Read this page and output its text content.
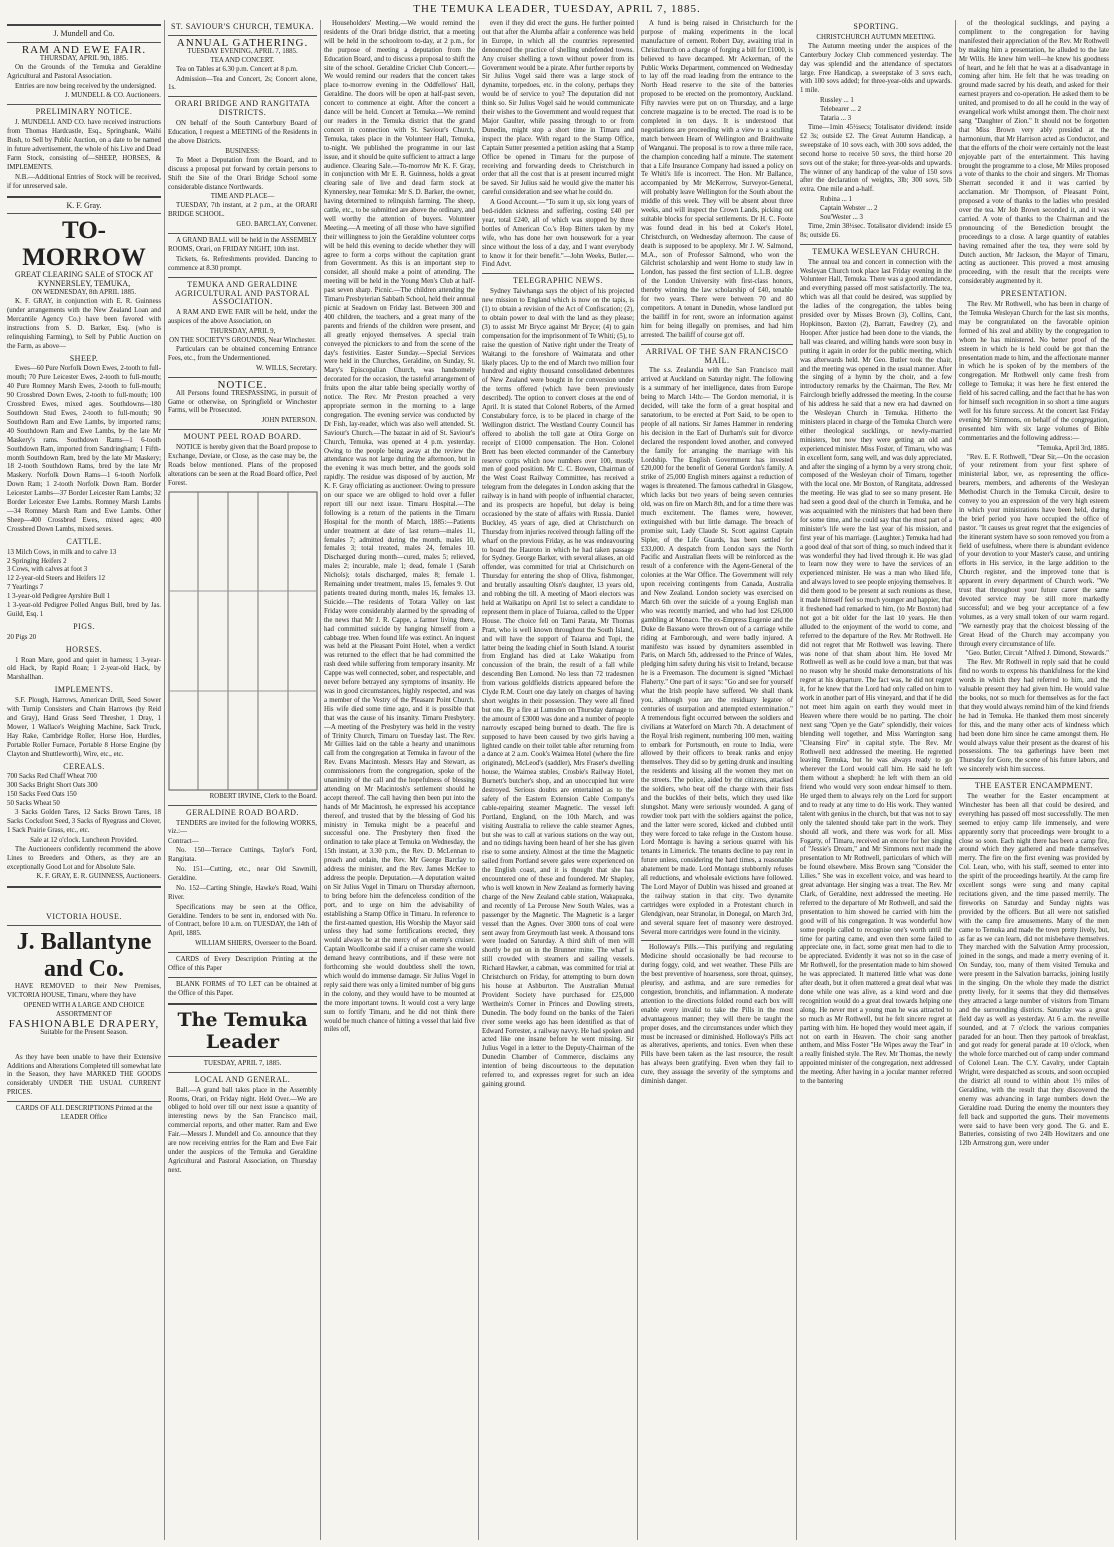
THE TEMUKA LEADER, TUESDAY, APRIL 7, 1885.
J. Mundell and Co.
RAM AND EWE FAIR.
THURSDAY, APRIL 9th, 1885.

On the Grounds of the Temuka and Geraldine Agricultural and Pastoral Association.

Entries are now being received by the undersigned.

J. MUNDELL & CO. Auctioneers.
PRELIMINARY NOTICE.

J. MUNDELL AND CO. have received instructions from Thomas Hardcastle, Esq., Springbank, Waihi Bush, to Sell by Public Auction, on a date to be named in future advertisement, the whole of his Live and Dead Farm Stock, consisting of—SHEEP, HORSES, & IMPLEMENTS.

N.B.—Additional Entries of Stock will be received, if for unreserved sale.

K. F. Gray.
TO-MORROW
GREAT CLEARING SALE of STOCK AT KYNNERSLEY, TEMUKA,
ON WEDNESDAY, 8th APRIL 1885.

K. F. GRAY, in conjunction with E. R. Guinness (under arrangements with the New Zealand Loan and Mercantile Agency Co.) have been favored with instructions from S. D. Barker, Esq. (who is relinquishing Farming), to Sell by Public Auction on the Farm, as above—

SHEEP.

Ewes—60 Pure Norfolk Down Ewes, 2-tooth to full-mouth; 70 Pure Leicester Ewes, 2-tooth to full-mouth; 40 Pure Romney Marsh Ewes, 2-tooth to full-mouth; 90 Crossbred Down Ewes, 2-tooth to full-mouth; 100 Crossbred Ewes, mixed ages. Southdowns—180 Southdown Stud Ewes, 2-tooth to full-mouth; 90 Southdown Ram and Ewe Lambs, by imported rams; 40 Southdown Ram and Ewe Lambs, by the late Mr Maskery's rams. Southdown Rams—1 6-tooth Southdown Ram, imported from Sandringham; 1 Fifth-month Southdown Ram, bred by the late Mr Maskery; 18 2-tooth Southdown Rams, bred by the late Mr Maskery. Norfolk Down Rams—1 6-tooth Norfolk Down Ram; 1 2-tooth Norfolk Down Ram. Border Leicester Lambs—37 Border Leicester Ram Lambs; 32 Border Leicester Ewe Lambs. Romney Marsh Lambs—34 Romney Marsh Ram and Ewe Lambs. Other Sheep—400 Crossbred Ewes, mixed ages; 400 Crossbred Down Lambs, mixed sexes.

CATTLE.
13 Milch Cows, in milk and to calve 13
2 Springing Heifers 2
3 Cows, with calves at foot 3
12 2-year-old Steers and Heifers 12
7 Yearlings 7
1 3-year-old Pedigree Ayrshire Bull 1
1 3-year-old Pedigree Polled Angus Bull, bred by Jas. Guild, Esq. 1
PIGS.
20 Pigs 20
HORSES.

1 Roan Mare, good and quiet in harness; 1 3-year-old Hack, by Rapid Roan; 1 2-year-old Hack, by Marshallhan.

IMPLEMENTS.

S.F. Plough, Harrows, American Drill, Seed Sower with Turnip Consisters and Chain Harrows (by Reid and Gray), Hand Grass Seed Thresher, 1 Dray, 1 Mower, 1 Wallace's Weighing Machine, Sack Truck, Hay Rake, Cambridge Roller, Horse Hoe, Hurdles, Portable Roller Furnace, Portable 8 Horse Engine (by Clayton and Shuttleworth), Wire, etc., etc.

CEREALS.
700 Sacks Red Chaff Wheat 700
300 Sacks Bright Short Oats 300
150 Sacks Feed Oats 150
50 Sacks Wheat 50

3 Sacks Golden Tares, 12 Sacks Brown Tares, 18 Sacks Cocksfoot Seed, 3 Sacks of Ryegrass and Clover, 1 Sack Prairie Grass, etc., etc.

Sale at 12 o'clock. Luncheon Provided.

The Auctioneers confidently recommend the above Lines to Breeders and Others, as they are an exceptionally Good Lot and for Absolute Sale.

K. F. GRAY, E. R. GUINNESS, Auctioneers.
VICTORIA HOUSE.
J. Ballantyne and Co.

HAVE REMOVED to their New Premises, VICTORIA HOUSE, Timaru, where they have

OPENED WITH A LARGE AND CHOICE ASSORTMENT OF
FASHIONABLE DRAPERY,
Suitable for the Present Season.

As they have been unable to have their Extensive Additions and Alterations Completed till somewhat late in the Season, they have MARKED THE GOODS considerably UNDER THE USUAL CURRENT PRICES.

CARDS OF ALL DESCRIPTIONS Printed at the LEADER Office
ST. SAVIOUR'S CHURCH, TEMUKA.
ANNUAL GATHERING.
TUESDAY EVENING, APRIL 7, 1885.
TEA AND CONCERT.

Tea on Tables at 6.30 p.m. Concert at 8 p.m.

Admission—Tea and Concert, 2s; Concert alone, 1s.

ORARI BRIDGE AND RANGITATA DISTRICTS.

ON behalf of the South Canterbury Board of Education, I request a MEETING of the Residents in the above Districts.

BUSINESS:

To Meet a Deputation from the Board, and to discuss a proposal put forward by certain persons to Shift the Site of the Orari Bridge School some considerable distance Northwards.

TIME AND PLACE—

TUESDAY, 7th instant, at 2 p.m., at the ORARI BRIDGE SCHOOL.

GEO. BARCLAY, Convener.

A GRAND BALL will be held in the ASSEMBLY ROOMS, Orari, on FRIDAY NIGHT, 10th inst.

Tickets, 6s. Refreshments provided. Dancing to commence at 8.30 prompt.

TEMUKA AND GERALDINE AGRICULTURAL AND PASTORAL ASSOCIATION.

A RAM AND EWE FAIR will be held, under the auspices of the above Association, on

THURSDAY, APRIL 9,
ON THE SOCIETY'S GROUNDS, Near Winchester.

Particulars can be obtained concerning Entrance Fees, etc., from the Undermentioned.

W. WILLS, Secretary.
NOTICE.

All Persons found TRESPASSING, in pursuit of Game or otherwise, on Springfield or Winchester Farms, will be Prosecuted.

JOHN PATERSON.
MOUNT PEEL ROAD BOARD.

NOTICE is hereby given that the Board propose to Exchange, Deviate, or Close, as the case may be, the Roads below mentioned. Plans of the proposed alterations can be seen at the Road Board office, Peel Forest.

ROBERT IRVINE, Clerk to the Board.
GERALDINE ROAD BOARD.

TENDERS are invited for the following WORKS, viz.:—

Contract—

No. 150—Terrace Cuttings, Taylor's Ford, Rangitata.

No. 151—Cutting, etc., near Old Sawmill, Geraldine.

No. 152—Carting Shingle, Hawke's Road, Waihi River.

Specifications may be seen at the Office, Geraldine. Tenders to be sent in, endorsed with No. of Contract, before 10 a.m. on TUESDAY, the 14th of April, 1885.

WILLIAM SHIERS, Overseer to the Board.

CARDS of Every Description Printing at the Office of this Paper

BLANK FORMS of TO LET can be obtained at the Office of this Paper.

The Temuka Leader
TUESDAY, APRIL 7, 1885.
LOCAL AND GENERAL.

Ball.—A grand ball takes place in the Assembly Rooms, Orari, on Friday night. Held Over.—We are obliged to hold over till our next issue a quantity of interesting news by the San Francisco mail, commercial reports, and other matter. Ram and Ewe Fair.—Messrs J. Mundell and Co. announce that they are now receiving entries for the Ram and Ewe Fair under the auspices of the Temuka and Geraldine Agricultural and Pastoral Association, on Thursday next.

Householders' Meeting.—We would remind the residents of the Orari bridge district, that a meeting will be held in the schoolroom to-day, at 2 p.m., for the purpose of meeting a deputation from the Education Board, and to discuss a proposal to shift the site of the school. Geraldine Cricket Club Concert.—We would remind our readers that the concert takes place to-morrow evening in the Oddfellows' Hall, Geraldine. The doors will be open at half-past seven, concert to commence at eight. After the concert a dance will be held. Concert at Temuka.—We remind our readers in the Temuka district that the grand concert in connection with St. Saviour's Church, Temuka, takes place in the Volunteer Hall, Temuka, to-night. We published the programme in our last issue, and it should be quite sufficient to attract a large audience. Clearing Sale.—To-morrow Mr K. F. Gray, in conjunction with Mr E. R. Guinness, holds a great clearing sale of live and dead farm stock at Kynnersley, near Temuka: Mr S. D. Barker, the owner, having determined to relinquish farming. The sheep, cattle, etc., to be submitted are above the ordinary, and well worthy the attention of buyers. Volunteer Meeting.—A meeting of all those who have signified their willingness to join the Geraldine volunteer corps will be held this evening to decide whether they will agree to form a corps without the capitation grant from Government. As this is an important step to consider, all should make a point of attending. The meeting will be held in the Young Men's Club at half-past seven sharp. Picnic.—The children attending the Timaru Presbyterian Sabbath School, held their annual picnic at Seadown on Friday last. Between 300 and 400 children, the teachers, and a great many of the parents and friends of the children were present, and all greatly enjoyed themselves. A special train conveyed the picnickers to and from the scene of the day's festivities. Easter Sunday.—Special Services were held in the Churches, Geraldine, on Sunday, St. Mary's Episcopalian Church, was handsomely decorated for the occasion, the tasteful arrangement of fruits upon the altar table being specially worthy of notice. The Rev. Mr Preston preached a very appropriate sermon in the morning to a large congregation. The evening service was conducted by Dr Fish, lay-reader, which was also well attended. St. Saviour's Church.—The bazaar in aid of St. Saviour's Church, Temuka, was opened at 4 p.m. yesterday. Owing to the people being away at the review the attendance was not large during the afternoon, but in the evening it was much better, and the goods sold rapidly. The residue was disposed of by auction, Mr K. F. Gray officiating as auctioneer. Owing to pressure on our space we are obliged to hold over a fuller report till our next issue. Timaru Hospital.—The following is a return of the patients in the Timaru Hospital for the month of March, 1885:—Patients under treatment at date of last return—males 11, females 7; admitted during the month, males 10, females 3; total treated, males 24, females 10. Discharged during month—cured, males 5; relieved, males 2; incurable, male 1; dead, female 1 (Sarah Nichols); totals discharged, males 8; female 1. Remaining under treatment, males 15, females 9. Out patients treated during month, males 16, females 13. Suicide.—The residents of Totara Valley on last Friday were considerably alarmed by the spreading of the news that Mr J. R. Cappe, a farmer living there, had committed suicide by hanging himself from a cabbage tree. When found life was extinct. An inquest was held at the Pleasant Point Hotel, when a verdict was returned to the effect that he had committed the rash deed while suffering from temporary insanity. Mr Cappe was well connected, sober, and respectable, and never before betrayed any symptoms of insanity. He was in good circumstances, highly respected, and was a member of the Vestry of the Pleasant Point Church. His wife died some time ago, and it is possible that that was the cause of his insanity. Timaru Presbytery.—A meeting of the Presbytery was held in the vestry of Trinity Church, Timaru on Tuesday last. The Rev. Mr Gillies laid on the table a hearty and unanimous call from the congregation at Temuka in favour of the Rev. Evans Macintosh. Messrs Hay and Stewart, as commissioners from the congregation, spoke of the unanimity of the call and the hopefulness of blessing attending on Mr Macintosh's settlement should he accept thereof. The call having then been put into the hands of Mr Macintosh, he expressed his acceptance thereof, and trusted that by the blessing of God his ministry in Temuka might be a peaceful and successful one. The Presbytery then fixed the ordination to take place at Temuka on Wednesday, the 15th instant, at 3.30 p.m., the Rev. D. McLennan to preach and ordain, the Rev. Mr George Barclay to address the minister, and the Rev. James McKee to address the people. Deputation.—A deputation waited on Sir Julius Vogel in Timaru on Thursday afternoon, to bring before him the defenceless condition of the port, and to urge on him the advisability of establishing a Stamp Office in Timaru. In reference to the first-named question, His Worship the Mayor said unless they had some fortifications erected, they would always be at the mercy of an enemy's cruiser. Captain Woollcombe said if a cruiser came she would demand heavy contributions, and if these were not forthcoming she would doubtless shell the town, which would do immense damage. Sir Julius Vogel in reply said there was only a limited number of big guns in the colony, and they would have to be mounted at the more important towns. It would cost a very large sum to fortify Timaru, and he did not think there would be much chance of hitting a vessel that laid five miles off,

even if they did erect the guns. He further pointed out that after the Alumba affair a conference was held in Europe, in which all the countries represented denounced the practice of shelling undefended towns. Any cruiser shelling a town without power from its Government would be a pirate. After further reports by Sir Julius Vogel said there was a large stock of dynamite, torpedoes, etc. in the colony, perhaps they would be of service to you? The deputation did not think so. Sir Julius Vogel said he would communicate their wishes to the Government and would request that Major Gaulter, while passing through to or from Dunedin, might stop a short time in Timaru and inspect the place. With regard to the Stamp Office, Captain Sutter presented a petition asking that a Stamp Office be opened in Timaru for the purpose of receiving and forwarding deeds to Christchurch in order that all the cost that is at present incurred might be saved. Sir Julius said he would give the matter his careful consideration and see what he could do.

A Good Account.—"To sum it up, six long years of bed-ridden sickness and suffering, costing £40 per year, total £240, all of which was stopped by three bottles of American Co.'s Hop Bitters taken by my wife, who has done her own housework for a year since without the loss of a day, and I want everybody to know it for their benefit."—John Weeks, Butler.—Find Advt.

TELEGRAPHIC NEWS.

Sydney Taiwhanga says the object of his projected new mission to England which is now on the tapis, is (1) to obtain a revision of the Act of Confiscation; (2), to obtain power to deal with the land as they please; (3) to assist Mr Bryce against Mr Bryce; (4) to gain compensation for the imprisonment of Te Whiti; (5), to raise the question of Native right under the Treaty of Waitangi to the foreshore of Waimatata and other likely places. Up to the end of March two million four hundred and eighty thousand consolidated debentures of New Zealand were bought in for conversion under the terms offered (which have been previously described). The option to convert closes at the end of April. It is stated that Colonel Roberts, of the Armed Constabulary force, is to be placed in charge of the Wellington district. The Westland County Council has offered to abolish the toll gate at Otira Gorge on receipt of £1000 compensation. The Hon. Colonel Brett has been elected commander of the Canterbury reserve corps which now numbers over 100, mostly men of good position. Mr C. C. Bowen, Chairman of the West Coast Railway Committee, has received a telegram from the delegates in London asking that the railway is in hand with people of influential character, and its prospects are hopeful, but delay is being occasioned by the state of affairs with Russia. Daniel Buckley, 45 years of age, died at Christchurch on Thursday from injuries received through falling off the wharf on the previous Friday, as he was endeavouring to board the Hauroto in which he had taken passage for Sydney. George Barker, with several aliases, an old offender, was committed for trial at Christchurch on Thursday for entering the shop of Oliva, fishmonger, and brutally assaulting Olsn's daughter, 13 years old, and robbing the till. A meeting of Maori electors was held at Waikatipu on April 1st to select a candidate to represent them in place of Tuiaroa, called to the Upper House. The choice fell on Tami Parata, Mr Thomas Pratt, who is well known throughout the South Island, and will have the support of Taiaroa and Topi, the latter being the leading chief in South Island. A tourist from England has died at Lake Wakatipu from concussion of the brain, the result of a fall while descending Ben Lomond. No less than 72 tradesmen from various goldfields districts appeared before the Clyde R.M. Court one day lately on charges of having short weights in their possession. They were all fined but one. By a fire at Lumsden on Thursday damage to the amount of £3000 was done and a number of people narrowly escaped being burned to death. The fire is supposed to have been caused by two girls having a lighted candle on their toilet table after returning from a dance at 2 a.m. Cook's Waimea Hotel (where the fire originated), McLeod's (saddler), Mrs Fraser's dwelling house, the Waimea stables, Crosbie's Railway Hotel, Burnett's butcher's shop, and an unoccupied hut were destroyed. Serious doubts are entertained as to the safety of the Eastern Extension Cable Company's cable-repairing steamer Magnetic. The vessel left Portland, England, on the 10th March, and was visiting Australia to relieve the cable steamer Agnes, but she was to call at various stations on the way out, and no tidings having been heard of her she has given rise to some anxiety. Almost at the time the Magnetic sailed from Portland severe gales were experienced on the English coast, and it is thought that she has encountered one of these and foundered. Mr Shapley, who is well known in New Zealand as formerly having charge of the New Zealand cable station, Wakapuaka, and recently of La Perouse New South Wales, was a passenger by the Magnetic. The Magnetic is a larger vessel than the Agnes. Over 3000 tons of coal were sent away from Greymouth last week. A thousand tons were loaded on Saturday. A third shift of men will shortly be put on in the Brunner mine. The wharf is still crowded with steamers and sailing vessels. Richard Hawker, a cabman, was committed for trial at Christchurch on Friday, for attempting to burn down his house at Ashburton. The Australian Mutual Provident Society have purchased for £25,000 Wertheim's Corner in Princes and Dowling streets, Dunedin. The body found on the banks of the Taieri river some weeks ago has been identified as that of Edward Forrester, a railway navvy. He had spoken and acted like one insane before he went missing. Sir Julius Vogel in a letter to the Deputy-Chairman of the Dunedin Chamber of Commerce, disclaims any intention of being discourteous to the deputation referred to, and expresses regret for such an idea gaining ground.

A fund is being raised in Christchurch for the purpose of making experiments in the local manufacture of cement. Robert Day, awaiting trial in Christchurch on a charge of forging a bill for £1000, is believed to have decamped. Mr Ackerman, of the Public Works Department, commenced on Wednesday to lay off the road leading from the entrance to the North Head reserve to the site of the batteries proposed to be erected on the promontory, Auckland. Fifty navvies were put on on Thursday, and a large concrete magazine is to be erected. The road is to be completed in ten days. It is understood that negotiations are proceeding with a view to a sculling match between Hearn of Wellington and Braithwaite of Wanganui. The proposal is to row a three mile race, the champion conceding half a minute. The statement that a Life Insurance Company had issued a policy on Te Whiti's life is incorrect. The Hon. Mr Ballance, accompanied by Mr McKerrow, Surveyor-General, will probably leave Wellington for the South about the middle of this week. They will be absent about three weeks, and will inspect the Crown Lands, picking out suitable blocks for special settlements. Dr H. C. Foote was found dead in his bed at Coker's Hotel, Christchurch, on Wednesday afternoon. The cause of death is supposed to be apoplexy. Mr J. W. Salmond, M.A., son of Professor Salmond, who won the Gilchrist scholarship and went Home to study law in London, has passed the first section of L.L.B. degree of the London University with first-class honors, thereby winning the law scholarship of £40, tenable for two years. There were between 70 and 80 competitors. A tenant in Dunedin, whose landlord put the bailiff in for rent, swore an information against him for being illegally on premises, and had him arrested. The bailiff of course got off.

ARRIVAL OF THE SAN FRANCISCO MAIL.

The s.s. Zealandia with the San Francisco mail arrived at Auckland on Saturday night. The following is a summary of her intelligence, dates from Europe being to March 14th:— The Gordon memorial, it is decided, will take the form of a great hospital and sanatorium, to be erected at Port Said, to be open to people of all nations. Sir James Hammer in rendering his decision in the Earl of Durham's suit for divorce declared the respondent loved another, and conveyed the family for arranging the marriage with his Lordship. The English Government has invested £20,000 for the benefit of General Gordon's family. A strike of 25,000 English miners against a reduction of wages is threatened. The famous cathedral in Glasgow, which lacks but two years of being seven centuries old, was on fire on March 8th, and for a time there was much excitement. The flames were, however, extinguished with but little damage. The breach of promise suit, Lady Claude St. Scott against Captain Sipler, of the Life Guards, has been settled for £33,000. A despatch from London says the North Pacific and Australian fleets will be reinforced as the result of a conference with the Agent-General of the colonies at the War Office. The Government will rely upon receiving contingents from Canada, Australia and New Zealand. London society was exercised on March 6th over the suicide of a young English man who was recently married, and who had lost £26,000 gambling at Monaco. The ex-Empress Eugenie and the Duke de Bassano were thrown out of a carriage while riding at Farnborough, and were badly injured. A manifesto was issued by dynamiters assembled in Paris, on March 5th, addressed to the Prince of Wales, pledging him safety during his visit to Ireland, because he is a Freemason. The document is signed "Michael Flaherty." One part of it says: "Go and see for yourself what the Irish people have suffered. We shall thank you, although you are the residuary legatee of centuries of usurpation and attempted extermination." A tremendous fight occurred between the soldiers and civilians at Waterford on March 7th. A detachment of the Royal Irish regiment, numbering 100 men, waiting to embark for Portsmouth, en route to India, were allowed by their officers to break ranks and enjoy themselves. They did so by getting drunk and insulting the residents and kissing all the women they met on the streets. The police, aided by the citizens, attacked the soldiers, who beat off the charge with their fists and the buckles of their belts, which they used like slungshot. Many were seriously wounded. A gang of rowdier took part with the soldiers against the police, and the latter were scored, kicked and clubbed until they were forced to take refuge in the Custom house. Lord Montagu is having a serious quarrel with his tenants in Limerick. The tenants decline to pay rent in future unless, considering the hard times, a reasonable abatement be made. Lord Montagu stubbornly refuses all reductions, and wholesale evictions have followed. The Lord Mayor of Dublin was hissed and groaned at the railway station in that city. Two dynamite cartridges were exploded in a Protestant church in Glendgivan, near Stranolar, in Donegal, on March 3rd, and several square feet of masonry were destroyed. Several more cartridges were found in the vicinity.

Holloway's Pills.—This purifying and regulating Medicine should occasionally be had recourse to during foggy, cold, and wet weather. These Pills are the best preventive of hoarseness, sore throat, quinsey, pleurisy, and asthma, and are sure remedies for congestion, bronchitis, and inflammation. A moderate attention to the directions folded round each box will enable every invalid to take the Pills in the most advantageous manner; they will there be taught the proper doses, and the circumstances under which they must be increased or diminished. Holloway's Pills act as alteratives, aperients, and tonics. Even when these Pills have been taken as the last resource, the result has always been gratifying. Even when they fail to cure, they assuage the severity of the symptoms and diminish danger.

SPORTING.
CHRISTCHURCH AUTUMN MEETING.

The Autumn meeting under the auspices of the Canterbury Jockey Club commenced yesterday. The day was splendid and the attendance of spectators large. Free Handicap, a sweepstake of 3 sovs each, with 100 sovs added; for three-year-olds and upwards. 1 mile.

Russley ... 1
Telebearer ... 2
Tataria ... 3

Time—1min 45½secs; Totalisator dividend: inside £2 3s; outside £2. The Great Autumn Handicap, a sweepstake of 10 sovs each, with 300 sovs added, the second horse to receive 50 sovs, the third horse 20 sovs out of the stake; for three-year-olds and upwards. The winner of any handicap of the value of 150 sovs after the declaration of weights, 3lb; 300 sovs, 5lb extra. One mile and a-half.

Rubina ... 1
Captain Webster ... 2
Sou'Wester ... 3

Time, 2min 38½sec. Totalisator dividend: inside £5 8s; outside £6.

TEMUKA WESLEYAN CHURCH.

The annual tea and concert in connection with the Wesleyan Church took place last Friday evening in the Volunteer Hall, Temuka. There was a good attendance, and everything passed off most satisfactorily. The tea, which was all that could be desired, was supplied by the ladies of the congregation, the tables being presided over by Misses Brown (3), Collins, Cant, Hopkinson, Baxton (2), Barratt, Fawdrey (2), and Hooper. After justice had been done to the viands, the hall was cleared, and willing hands were soon busy in putting it again in order for the public meeting, which was afterwards held. Mr Geo. Butler took the chair, and the meeting was opened in the usual manner. After the singing of a hymn by the choir, and a few introductory remarks by the Chairman, The Rev. Mr Fairclough briefly addressed the meeting. In the course of his address he said that a new era had dawned on the Wesleyan Church in Temuka. Hitherto the ministers placed in charge of the Temuka Church were either theological sucklings, or newly-married ministers, but now they were getting an old and experienced minister. Miss Foster, of Timaru, who was in excellent form, sang well, and was duly appreciated, and after the singing of a hymn by a very strong choir, composed of the Wesleyan choir of Timaru, together with the local one. Mr Boxton, of Rangitata, addressed the meeting. He was glad to see so many present. He had seen a good deal of the church in Temuka, and he was acquainted with the ministers that had been there for some time, and he could say that the most part of a minister's life were the last year of his mission, and first year of his marriage. (Laughter.) Temuka had had a good deal of that sort of thing, so much indeed that it was wonderful they had lived through it. He was glad to learn now they were to have the services of an experienced minister. He was a man who liked life, and always loved to see people enjoying themselves. It did them good to be present at such reunions as these, it made himself feel so much younger and happier, that it freshened had remarked to him, (to Mr Boxton) had not got a bit older for the last 10 years. He then alluded to the enjoyment of the world to come, and referred to the departure of the Rev. Mr Rothwell. He did not regret that Mr Rothwell was leaving. There was none of that sham about him. He loved Mr Rothwell as well as he could love a man, but that was no reason why he should make demonstrations of his regret at his departure. The fact was, he did not regret it, for he knew that the Lord had only called on him to work in another part of His vineyard, and that if he did not meet him again on earth they would meet in Heaven where there would be no parting. The choir next sang "Open ye the Gate" splendidly, their voices blending well together, and Miss Warrington sang "Cleansing Fire" in capital style. The Rev. Mr Rothwell next addressed the meeting. He regretted leaving Temuka, but he was always ready to go wherever the Lord would call him. He said he left them without a shepherd: he left with them an old friend who would very soon endear himself to them. He urged them to always rely on the Lord for support and to ready at any time to do His work. They wanted talent with genius in the church, but that was not to say only the talented should take part in the work. They should all work, and there was work for all. Miss Fogarty, of Timaru, received an encore for her singing of "Jessie's Dream," and Mr Simmons next made the presentation to Mr Rothwell, particulars of which will be found elsewhere. Miss Brown sang "Consider the Lilies." She was in excellent voice, and was heard to great advantage. Her singing was a treat. The Rev. Mr Clark, of Geraldine, next addressed the meeting. He referred to the departure of Mr Rothwell, and said the presentation to him showed he carried with him the good will of his congregation. It was wonderful how some people called to recognise one's worth until the time for parting came, and even then some failed to appreciate one, in fact, some great men had to die to be appreciated. Evidently it was not so in the case of Mr Rothwell, for the presentation made to him showed he was appreciated. It mattered little what was done after death, but it often mattered a great deal what was done while one was alive, as a kind word and due recognition would do a great deal towards helping one along. He never met a young man he was attracted to so much as Mr Rothwell, but he felt sincere regret at parting with him. He hoped they would meet again, if not on earth in Heaven. The choir sang another anthem, and Miss Foster "He Wipes away the Tear" in a really finished style. The Rev. Mr Thomas, the newly appointed minister of the congregation, next addressed the meeting. After having in a jocular manner referred to the bantering

of the theological sucklings, and paying a compliment to the congregation for having manifested their appreciation of the Rev. Mr Rothwell by making him a presentation, he alluded to the late Mr Wills. He knew him well—he knew his goodness of heart, and he felt that he was at a disadvantage in coming after him. He felt that he was treading on ground made sacred by his death, and asked for their earnest prayers and co-operation. He asked them to be united, and promised to do all he could in the way of evangelical work whilst amongst them. The choir next sang "Daughter of Zion." It should not be forgotten that Miss Brown very ably presided at the harmonium, that Mr Harrison acted as Conductor, and that the efforts of the choir were certainly not the least enjoyable part of the entertainment. This having brought the programme to a close, Mr Miles proposed a vote of thanks to the choir and singers. Mr Thomas Sherratt seconded it and it was carried by acclamation. Mr Thompson, of Pleasant Point, proposed a vote of thanks to the ladies who presided over the tea. Mr Job Brown seconded it, and it was carried. A vote of thanks to the Chairman and the pronouncing of the Benediction brought the proceedings to a close. A large quantity of eatables having remained after the tea, they were sold by Dutch auction, Mr Jackson, the Mayor of Timaru, acting as auctioneer. This proved a most amusing proceeding, with the result that the receipts were considerably augmented by it.

PRESENTATION.

The Rev. Mr Rothwell, who has been in charge of the Temuka Wesleyan Church for the last six months, may be congratulated on the favorable opinion formed of his zeal and ability by the congregation to whom he has ministered. No better proof of the esteem in which he is held could be got than the presentation made to him, and the affectionate manner in which he is spoken of by the members of the congregation. Mr Rothwell only came fresh from college to Temuka; it was here he first entered the field of his sacred calling, and the fact that he has won for himself such recognition in so short a time augurs well for his future success. At the concert last Friday evening Mr Simmons, on behalf of the congregation, presented him with six large volumes of Bible commentaries and the following address:—

"Temuka, April 3rd, 1885.

"Rev. E. F. Rothwell, "Dear Sir,—On the occasion of your retirement from your first sphere of ministerial labor, we, as representing the office-bearers, members, and adherents of the Wesleyan Methodist Church in the Temuka Circuit, desire to convey to you an expression of the very high esteem in which your ministrations have been held, during the brief period you have occupied the office of pastor. "It causes us great regret that the exigencies of the itinerant system have so soon removed you from a field of usefulness, where there is abundant evidence of your devotion to your Master's cause, and untiring efforts in His service, in the large addition to the Church register, and the improved tone that is apparent in every department of Church work. "We trust that throughout your future career the same devoted service may be still more markedly successful; and we beg your acceptance of a few volumes, as a very small token of our warm regard. "We earnestly pray that the choicest blessing of the Great Head of the Church may accompany you through every circumstance of life.

"Geo. Butler, Circuit "Alfred J. Dimond, Stewards."

The Rev. Mr Rothwell in reply said that he could find no words to express his thankfulness for the kind words in which they had referred to him, and the valuable present they had given him. He would value the books, not so much for themselves as for the fact that they would always remind him of the kind friends he had in Temuka. He thanked them most sincerely for this, and the many other acts of kindness which had been done him since he came amongst them. He would always value their present as the dearest of his possessions. The tea gatherings have been met Thursday for Gore, the scene of his future labors, and we sincerely wish him success.

THE EASTER ENCAMPMENT.

The weather for the Easter encampment at Winchester has been all that could be desired, and everything has passed off most successfully. The men seemed to enjoy camp life immensely, and were apparently sorry that proceedings were brought to a close so soon. Each night there has been a camp fire, around which they gathered and made themselves merry. The fire on the first evening was provided by Col. Lean, who, with his staff, seemed to enter into the spirit of the proceedings heartily. At the camp fire excellent songs were sung and many capital recitations given, and the time passed merrily. The fireworks on Saturday and Sunday nights was provided by the officers. But all were not satisfied with the camp fire amusements. Many of the men came to Temuka and made the town pretty lively, but, as far as we can learn, did not misbehave themselves. They marched with the Salvation Army procession, joined in the songs, and made a merry evening of it. On Sunday, too, many of them visited Temuka and were present in the Salvation barracks, joining lustily in the singing. On the whole they made the district pretty lively, for it seems that they did themselves they attracted a large number of visitors from Timaru and the surrounding districts. Saturday was a great field day as well as yesterday. At 6 a.m. the reveille sounded, and at 7 o'clock the various companies paraded for an hour. Then they partook of breakfast, and got ready for general parade at 10 o'clock, when the whole force marched out of camp under command of Colonel Lean. The C.Y. Cavalry, under Captain Wright, were despatched as scouts, and soon occupied the district all round to within about 1½ miles of Geraldine, with the result that they discovered the enemy was advancing in large numbers down the Geraldine road. During the enemy the mounters they fell back and supported the guns. Their movements were said to have been very good. The G. and E. Batteries, consisting of two 24lb Howitzers and one 12lb Armstrong gun, were under
